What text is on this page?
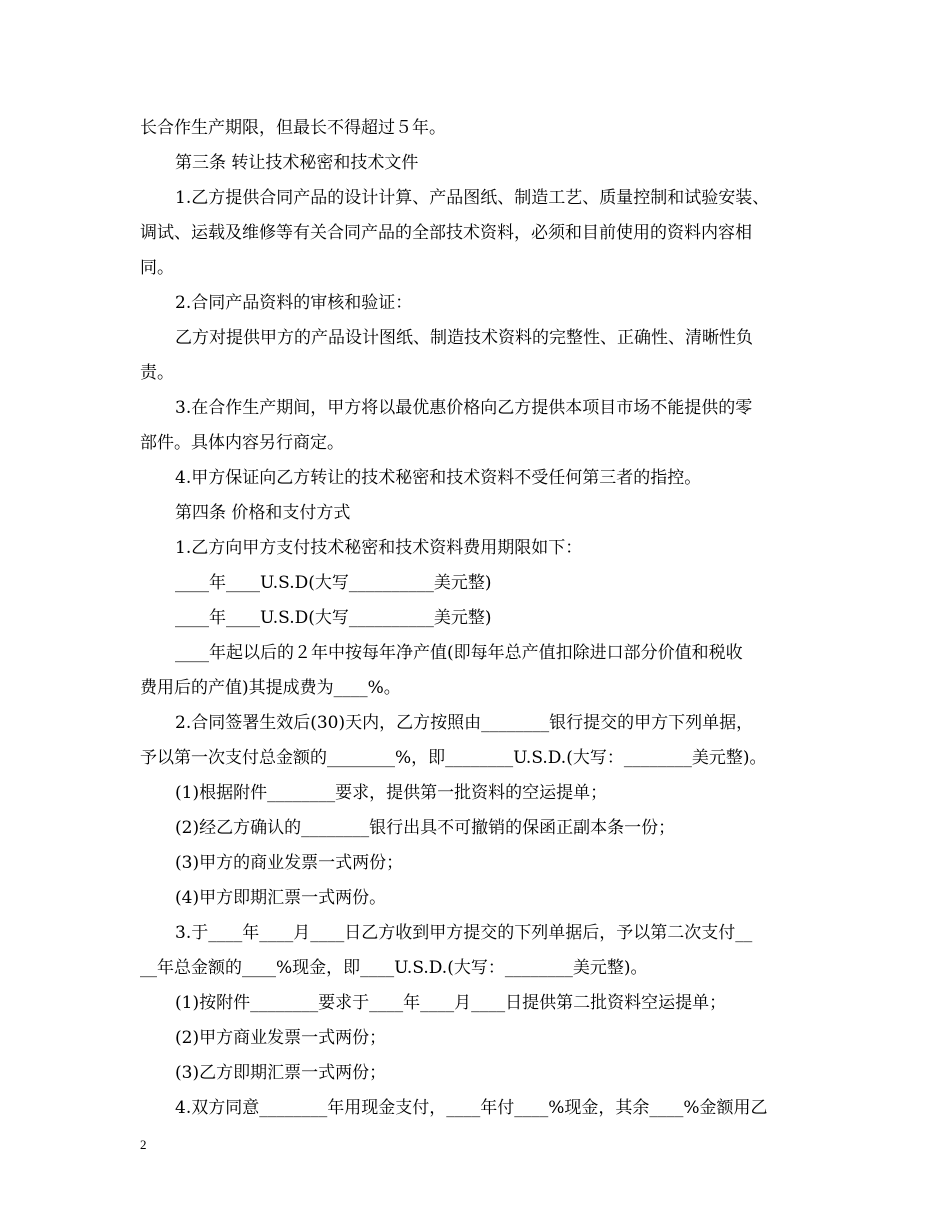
长合作生产期限，但最长不得超过５年。
第三条 转让技术秘密和技术文件
1.乙方提供合同产品的设计计算、产品图纸、制造工艺、质量控制和试验安装、
调试、运载及维修等有关合同产品的全部技术资料，必须和目前使用的资料内容相
同。
2.合同产品资料的审核和验证：
乙方对提供甲方的产品设计图纸、制造技术资料的完整性、正确性、清晰性负
责。
3.在合作生产期间，甲方将以最优惠价格向乙方提供本项目市场不能提供的零
部件。具体内容另行商定。
4.甲方保证向乙方转让的技术秘密和技术资料不受任何第三者的指控。
第四条 价格和支付方式
1.乙方向甲方支付技术秘密和技术资料费用期限如下：
____年____U.S.D(大写__________美元整)
____年____U.S.D(大写__________美元整)
____年起以后的２年中按每年净产值(即每年总产值扣除进口部分价值和税收
费用后的产值)其提成费为____%。
2.合同签署生效后(30)天内，乙方按照由________银行提交的甲方下列单据，
予以第一次支付总金额的________%，即________U.S.D.(大写：________美元整)。
(1)根据附件________要求，提供第一批资料的空运提单；
(2)经乙方确认的________银行出具不可撤销的保函正副本条一份；
(3)甲方的商业发票一式两份；
(4)甲方即期汇票一式两份。
3.于____年____月____日乙方收到甲方提交的下列单据后，予以第二次支付__
__年总金额的____%现金，即____U.S.D.(大写：________美元整)。
(1)按附件________要求于____年____月____日提供第二批资料空运提单；
(2)甲方商业发票一式两份；
(3)乙方即期汇票一式两份；
4.双方同意________年用现金支付，____年付____%现金，其余____%金额用乙
2
